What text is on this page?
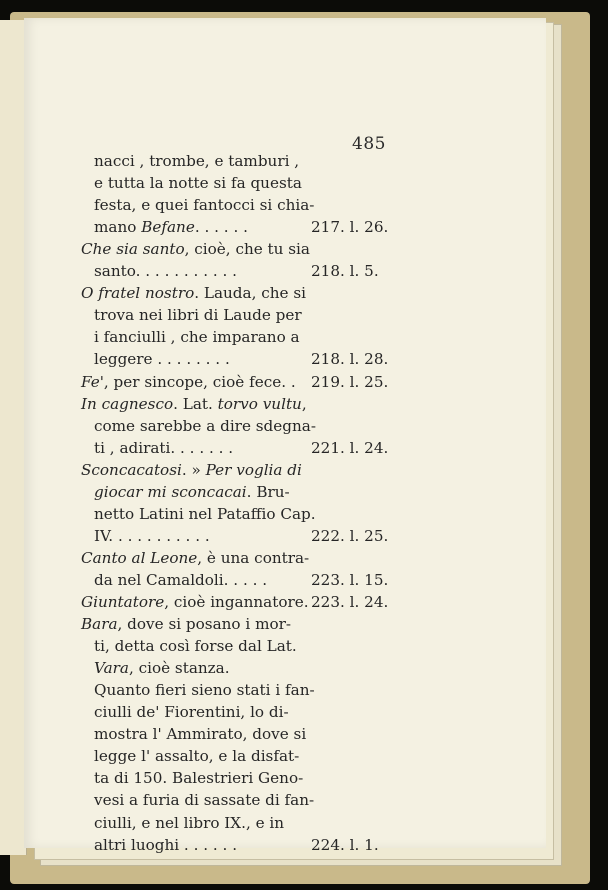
485
nacci , trombe, e tamburi ,
e tutta la notte si fa questa
festa, e quei fantocci si chia-
mano Befane. . . . . .	217. l. 26.
Che sia santo, cioè, che tu sia
santo. . . . . . . . . . .	218. l. 5.
O fratel nostro. Lauda, che si
trova nei libri di Laude per
i fanciulli , che imparano a
leggere . . . . . . . .	218. l. 28.
Fe', per sincope, cioè fece. . 219. l. 25.
In cagnesco. Lat. torvo vultu,
come sarebbe a dire sdegna-
ti , adirati. . . . . . .	221. l. 24.
Sconcacatosi. » Per voglia di
giocar mi sconcacai. Bru-
netto Latini nel Pataffio Cap.
IV. . . . . . . . . . .	222. l. 25.
Canto al Leone, è una contra-
da nel Camaldoli. . . . .	223. l. 15.
Giuntatore, cioè ingannatore. 223. l. 24.
Bara, dove si posano i mor-
ti, detta così forse dal Lat.
Vara, cioè stanza.
Quanto fieri sieno stati i fan-
ciulli de' Fiorentini, lo di-
mostra l' Ammirato, dove si
legge l' assalto, e la disfat-
ta di 150. Balestrieri Geno-
vesi a furia di sassate di fan-
ciulli, e nel libro IX., e in
altri luoghi . . . . . .	224. l. 1.
